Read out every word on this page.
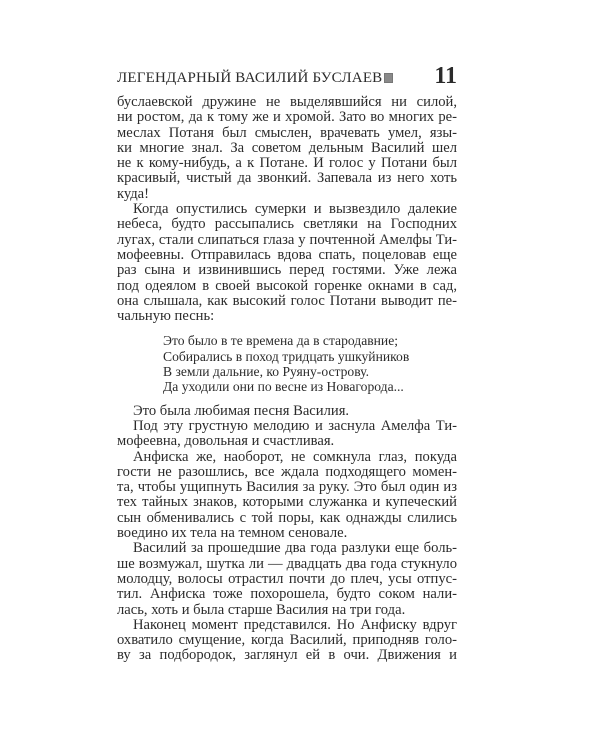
ЛЕГЕНДАРНЫЙ ВАСИЛИЙ БУСЛАЕВ	11
буслаевской дружине не выделявшийся ни силой,
ни ростом, да к тому же и хромой. Зато во многих ре-
меслах Потаня был смыслен, врачевать умел, язы-
ки многие знал. За советом дельным Василий шел
не к кому-нибудь, а к Потане. И голос у Потани был
красивый, чистый да звонкий. Запевала из него хоть
куда!
Когда опустились сумерки и вызвездило далекие
небеса, будто рассыпались светляки на Господних
лугах, стали слипаться глаза у почтенной Амелфы Ти-
мофеевны. Отправилась вдова спать, поцеловав еще
раз сына и извинившись перед гостями. Уже лежа
под одеялом в своей высокой горенке окнами в сад,
она слышала, как высокий голос Потани выводит пе-
чальную песнь:
Это было в те времена да в стародавние;
Собирались в поход тридцать ушкуйников
В земли дальние, ко Руяну-острову.
Да уходили они по весне из Новагорода...
Это была любимая песня Василия.
Под эту грустную мелодию и заснула Амелфа Ти-
мофеевна, довольная и счастливая.
Анфиска же, наоборот, не сомкнула глаз, покуда
гости не разошлись, все ждала подходящего момен-
та, чтобы ущипнуть Василия за руку. Это был один из
тех тайных знаков, которыми служанка и купеческий
сын обменивались с той поры, как однажды слились
воедино их тела на темном сеновале.
Василий за прошедшие два года разлуки еще боль-
ше возмужал, шутка ли — двадцать два года стукнуло
молодцу, волосы отрастил почти до плеч, усы отпус-
тил. Анфиска тоже похорошела, будто соком нали-
лась, хоть и была старше Василия на три года.
Наконец момент представился. Но Анфиску вдруг
охватило смущение, когда Василий, приподняв голо-
ву за подбородок, заглянул ей в очи. Движения и
